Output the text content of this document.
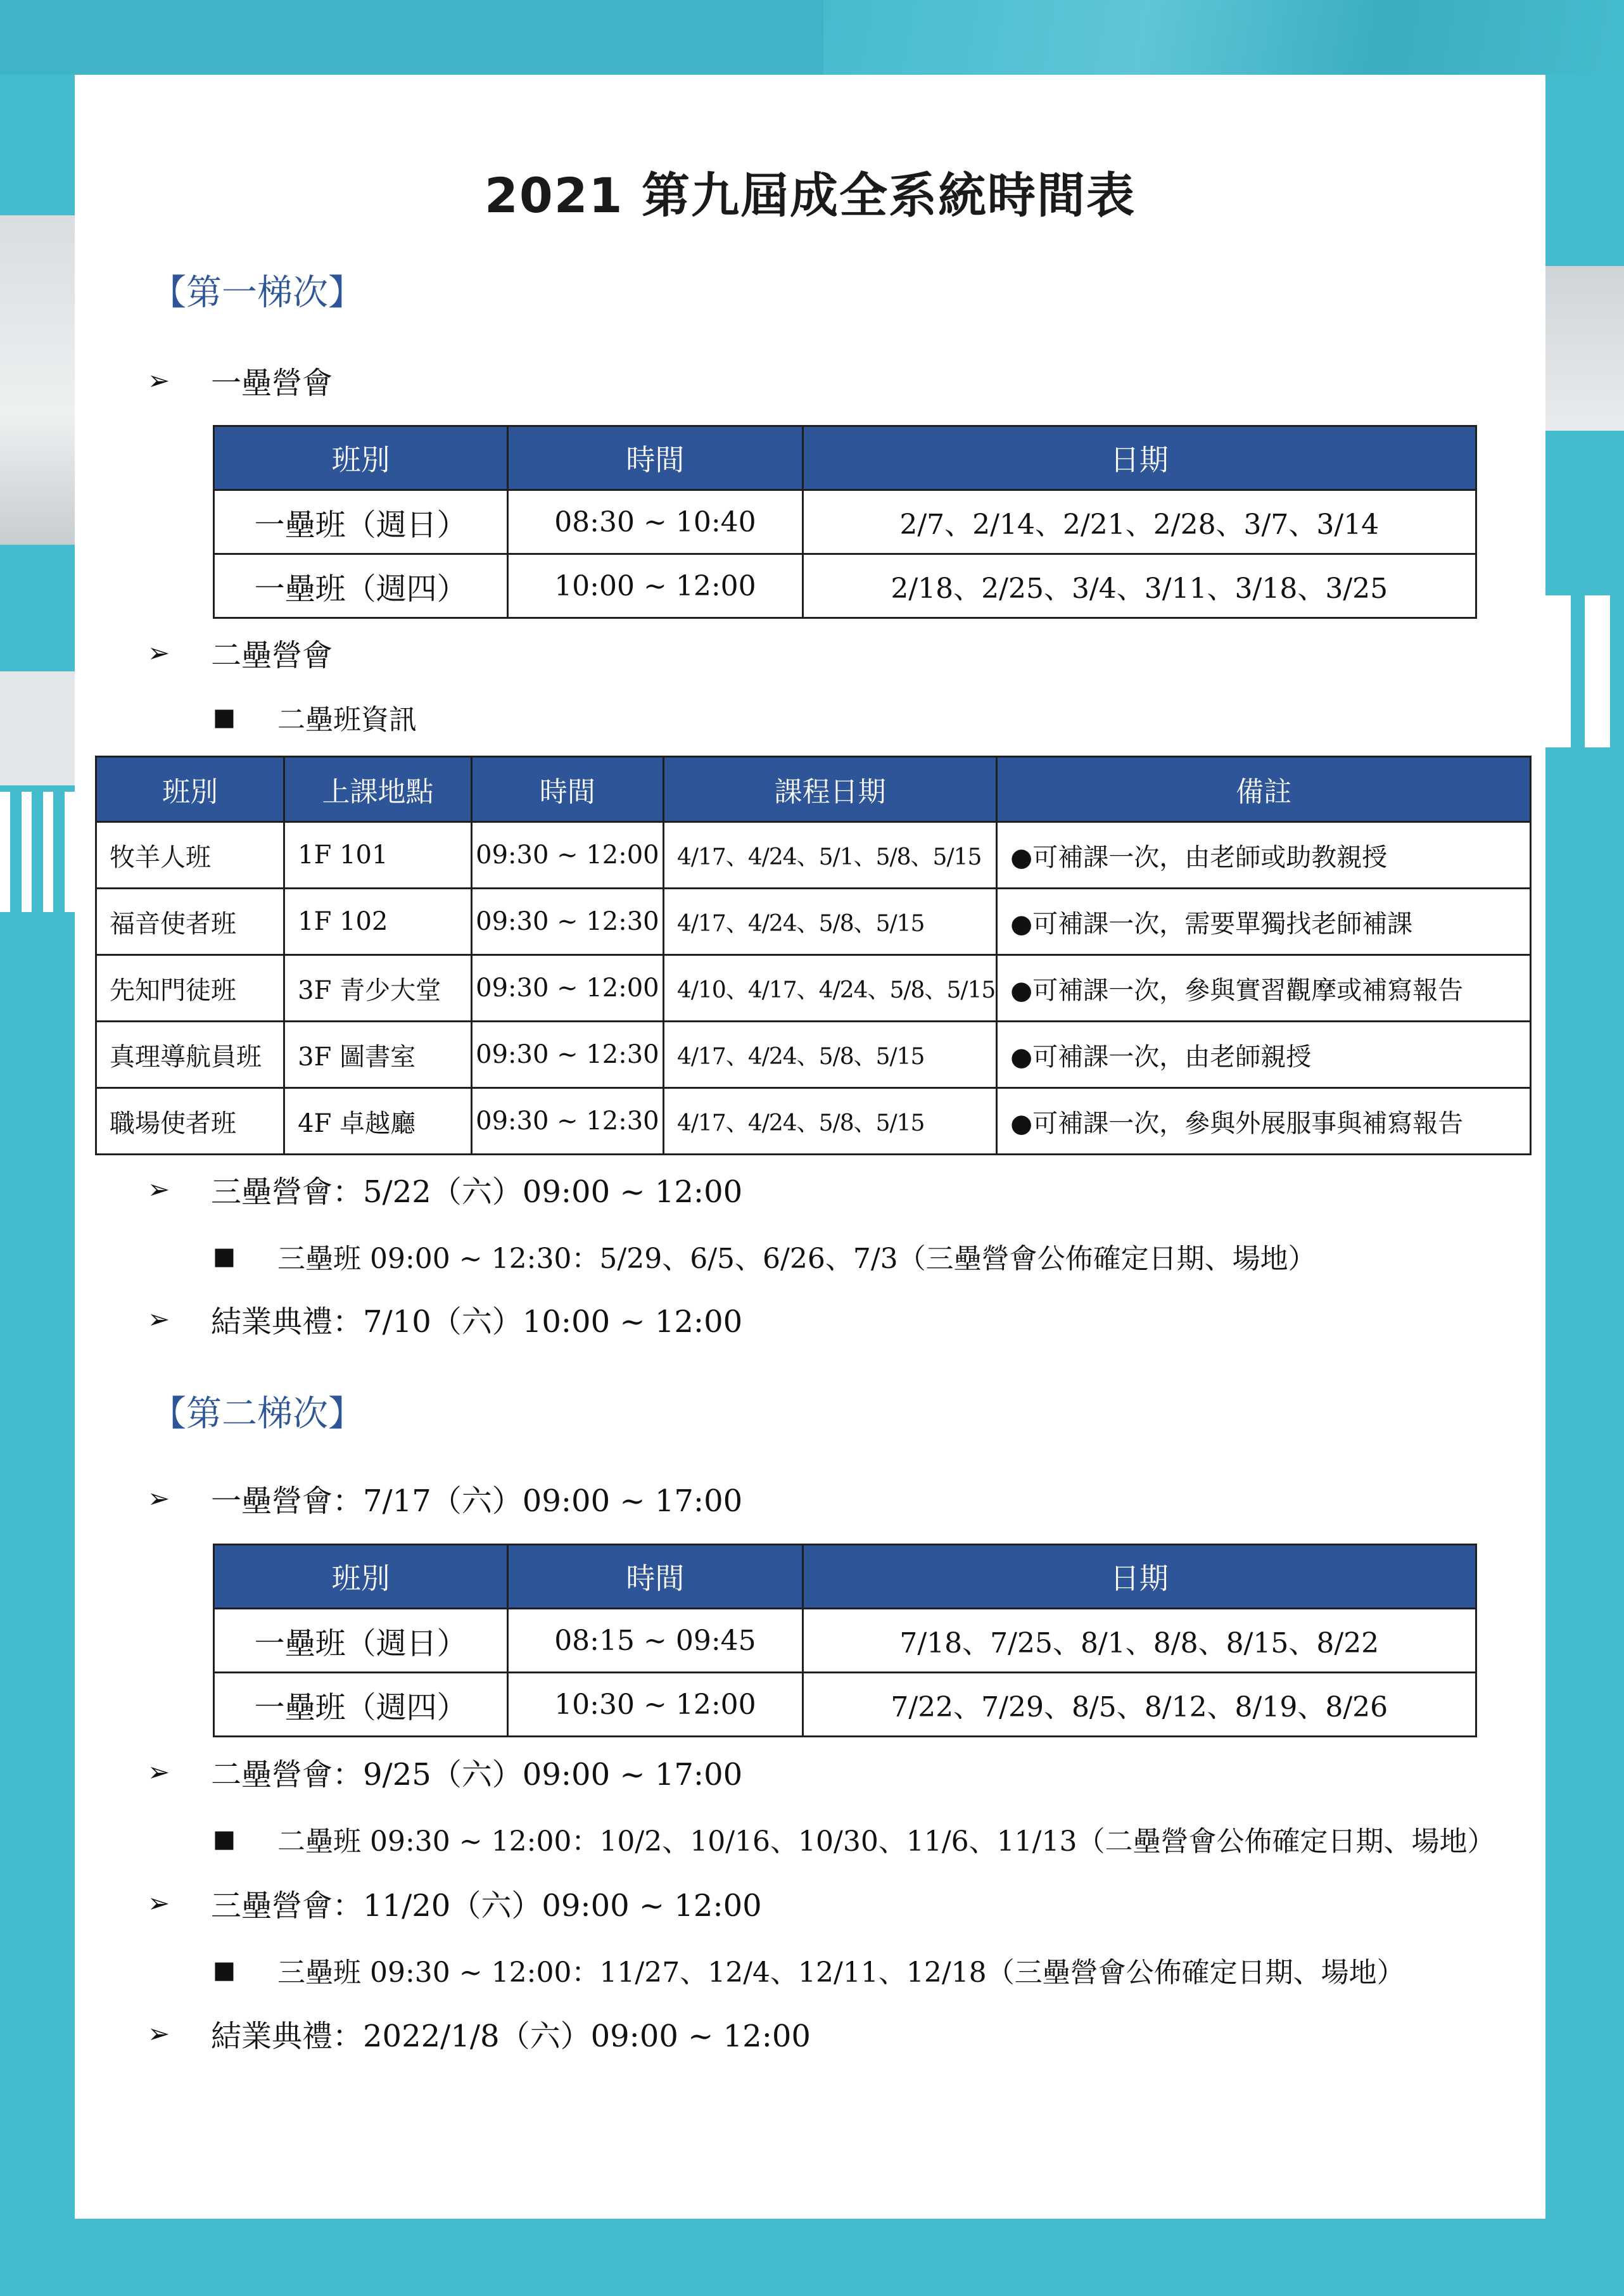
2021 第九屆成全系統時間表
【第一梯次】
➢	一壘營會
班別	時間	日期
一壘班（週日）	08:30 ~ 10:40	2/7、2/14、2/21、2/28、3/7、3/14
一壘班（週四）	10:00 ~ 12:00	2/18、2/25、3/4、3/11、3/18、3/25
➢	二壘營會
■	二壘班資訊
班別	上課地點	時間	課程日期	備註
牧羊人班	1F 101	09:30 ~ 12:00	4/17、4/24、5/1、5/8、5/15	●可補課一次，由老師或助教親授
福音使者班	1F 102	09:30 ~ 12:30	4/17、4/24、5/8、5/15	●可補課一次，需要單獨找老師補課
先知門徒班	3F 青少大堂	09:30 ~ 12:00	4/10、4/17、4/24、5/8、5/15	●可補課一次，參與實習觀摩或補寫報告
真理導航員班	3F 圖書室	09:30 ~ 12:30	4/17、4/24、5/8、5/15	●可補課一次，由老師親授
職場使者班	4F 卓越廳	09:30 ~ 12:30	4/17、4/24、5/8、5/15	●可補課一次，參與外展服事與補寫報告
➢	三壘營會：5/22（六）09:00 ~ 12:00
■	三壘班 09:00 ~ 12:30：5/29、6/5、6/26、7/3（三壘營會公佈確定日期、場地）
➢	結業典禮：7/10（六）10:00 ~ 12:00
【第二梯次】
➢	一壘營會：7/17（六）09:00 ~ 17:00
班別	時間	日期
一壘班（週日）	08:15 ~ 09:45	7/18、7/25、8/1、8/8、8/15、8/22
一壘班（週四）	10:30 ~ 12:00	7/22、7/29、8/5、8/12、8/19、8/26
➢	二壘營會：9/25（六）09:00 ~ 17:00
■	二壘班 09:30 ~ 12:00：10/2、10/16、10/30、11/6、11/13（二壘營會公佈確定日期、場地）
➢	三壘營會：11/20（六）09:00 ~ 12:00
■	三壘班 09:30 ~ 12:00：11/27、12/4、12/11、12/18（三壘營會公佈確定日期、場地）
➢	結業典禮：2022/1/8（六）09:00 ~ 12:00
